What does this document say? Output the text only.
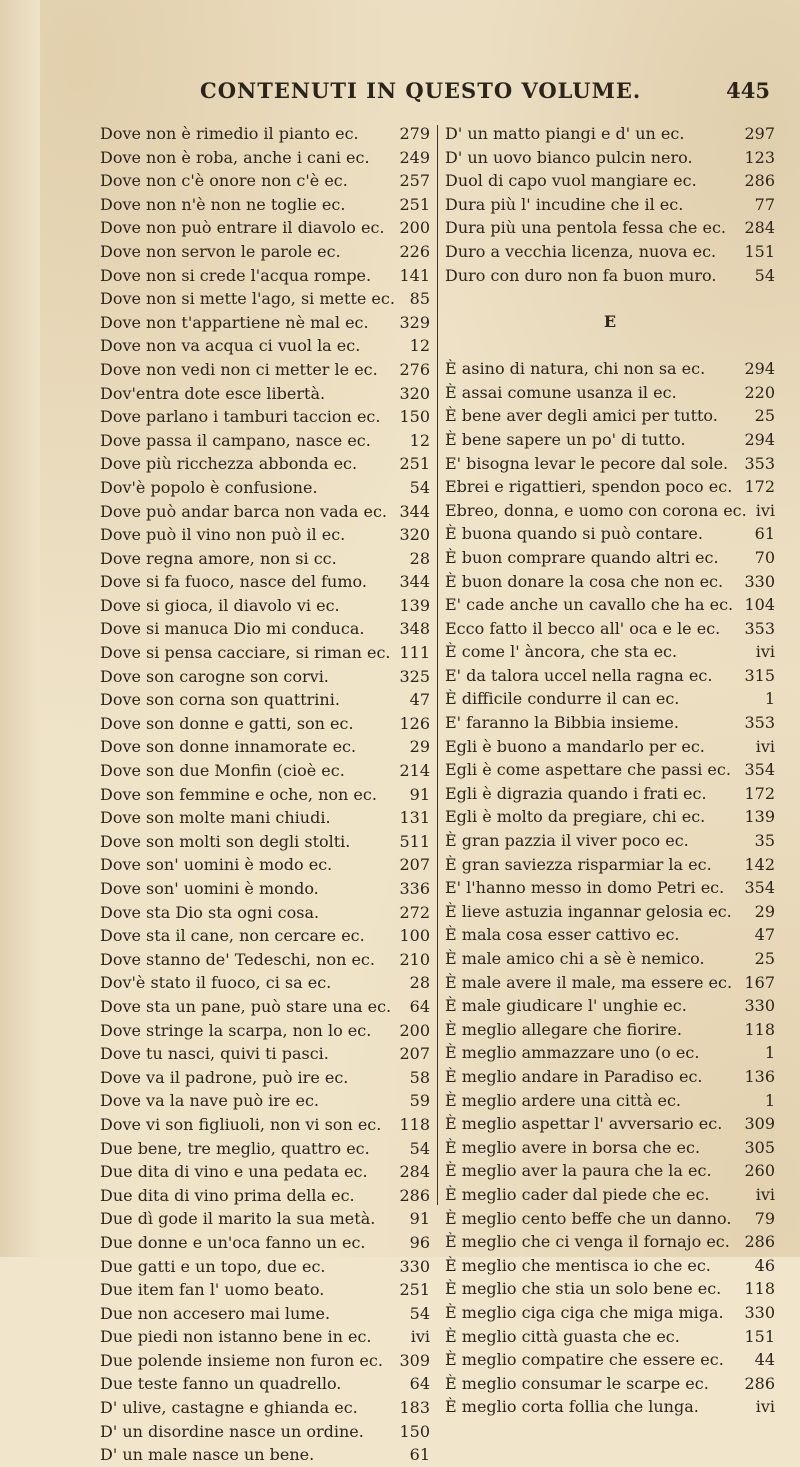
CONTENUTI IN QUESTO VOLUME.	445
Dove non è rimedio il pianto ec.	279
Dove non è roba, anche i cani ec. 249
Dove non c'è onore non c'è ec.	257
Dove non n'è non ne toglie ec.	251
Dove non può entrare il diavolo ec. 200
Dove non servon le parole ec.	226
Dove non si crede l'acqua rompe. 141
Dove non si mette l'ago, si mette ec. 85
Dove non t'appartiene nè mal ec. 329
Dove non va acqua ci vuol la ec.	12
Dove non vedi non ci metter le ec. 276
Dov'entra dote esce libertà.	320
Dove parlano i tamburi taccion ec. 150
Dove passa il campano, nasce ec. 12
Dove più ricchezza abbonda ec.	251
Dov'è popolo è confusione.	54
Dove può andar barca non vada ec. 344
Dove può il vino non può il ec.	320
Dove regna amore, non si cc.	28
Dove si fa fuoco, nasce del fumo. 344
Dove si gioca, il diavolo vi ec.	139
Dove si manuca Dio mi conduca. 348
Dove si pensa cacciare, si riman ec. 111
Dove son carogne son corvi.	325
Dove son corna son quattrini.	47
Dove son donne e gatti, son ec.	126
Dove son donne innamorate ec.	29
Dove son due Monfin (cioè ec.	214
Dove son femmine e oche, non ec. 91
Dove son molte mani chiudi.	131
Dove son molti son degli stolti.	511
Dove son' uomini è modo ec.	207
Dove son' uomini è mondo.	336
Dove sta Dio sta ogni cosa.	272
Dove sta il cane, non cercare ec. 100
Dove stanno de' Tedeschi, non ec. 210
Dov'è stato il fuoco, ci sa ec.	28
Dove sta un pane, può stare una ec. 64
Dove stringe la scarpa, non lo ec. 200
Dove tu nasci, quivi ti pasci.	207
Dove va il padrone, può ire ec.	58
Dove va la nave può ire ec.	59
Dove vi son figliuoli, non vi son ec. 118
Due bene, tre meglio, quattro ec. 54
Due dita di vino e una pedata ec. 284
Due dita di vino prima della ec.	286
Due dì gode il marito la sua metà. 91
Due donne e un'oca fanno un ec.	96
Due gatti e un topo, due ec.	330
Due item fan l' uomo beato.	251
Due non accesero mai lume.	54
Due piedi non istanno bene in ec. ivi
Due polende insieme non furon ec. 309
Due teste fanno un quadrello.	64
D' ulive, castagne e ghianda ec.	183
D' un disordine nasce un ordine. 150
D' un male nasce un bene.	61
D' un matto piangi e d' un ec.	297
D' un uovo bianco pulcin nero.	123
Duol di capo vuol mangiare ec.	286
Dura più l' incudine che il ec.	77
Dura più una pentola fessa che ec. 284
Duro a vecchia licenza, nuova ec. 151
Duro con duro non fa buon muro. 54
E
È asino di natura, chi non sa ec. 294
È assai comune usanza il ec.	220
È bene aver degli amici per tutto. 25
È bene sapere un po' di tutto.	294
E' bisogna levar le pecore dal sole. 353
Ebrei e rigattieri, spendon poco ec. 172
Ebreo, donna, e uomo con corona ec. ivi
È buona quando si può contare.	61
È buon comprare quando altri ec. 70
È buon donare la cosa che non ec. 330
E' cade anche un cavallo che ha ec. 104
Ecco fatto il becco all' oca e le ec. 353
È come l' àncora, che sta ec.	ivi
E' da talora uccel nella ragna ec. 315
È difficile condurre il can ec.	1
E' faranno la Bibbia insieme.	353
Egli è buono a mandarlo per ec.	ivi
Egli è come aspettare che passi ec. 354
Egli è digrazia quando i frati ec. 172
Egli è molto da pregiare, chi ec. 139
È gran pazzia il viver poco ec.	35
È gran saviezza risparmiar la ec. 142
E' l'hanno messo in domo Petri ec. 354
È lieve astuzia ingannar gelosia ec. 29
È mala cosa esser cattivo ec.	47
È male amico chi a sè è nemico.	25
È male avere il male, ma essere ec. 167
È male giudicare l' unghie ec.	330
È meglio allegare che fiorire.	118
È meglio ammazzare uno (o ec.	1
È meglio andare in Paradiso ec.	136
È meglio ardere una città ec.	1
È meglio aspettar l' avversario ec. 309
È meglio avere in borsa che ec.	305
È meglio aver la paura che la ec. 260
È meglio cader dal piede che ec.	ivi
È meglio cento beffe che un danno. 79
È meglio che ci venga il fornajo ec. 286
È meglio che mentisca io che ec.	46
È meglio che stia un solo bene ec. 118
È meglio ciga ciga che miga miga. 330
È meglio città guasta che ec.	151
È meglio compatire che essere ec. 44
È meglio consumar le scarpe ec. 286
È meglio corta follia che lunga.	ivi
